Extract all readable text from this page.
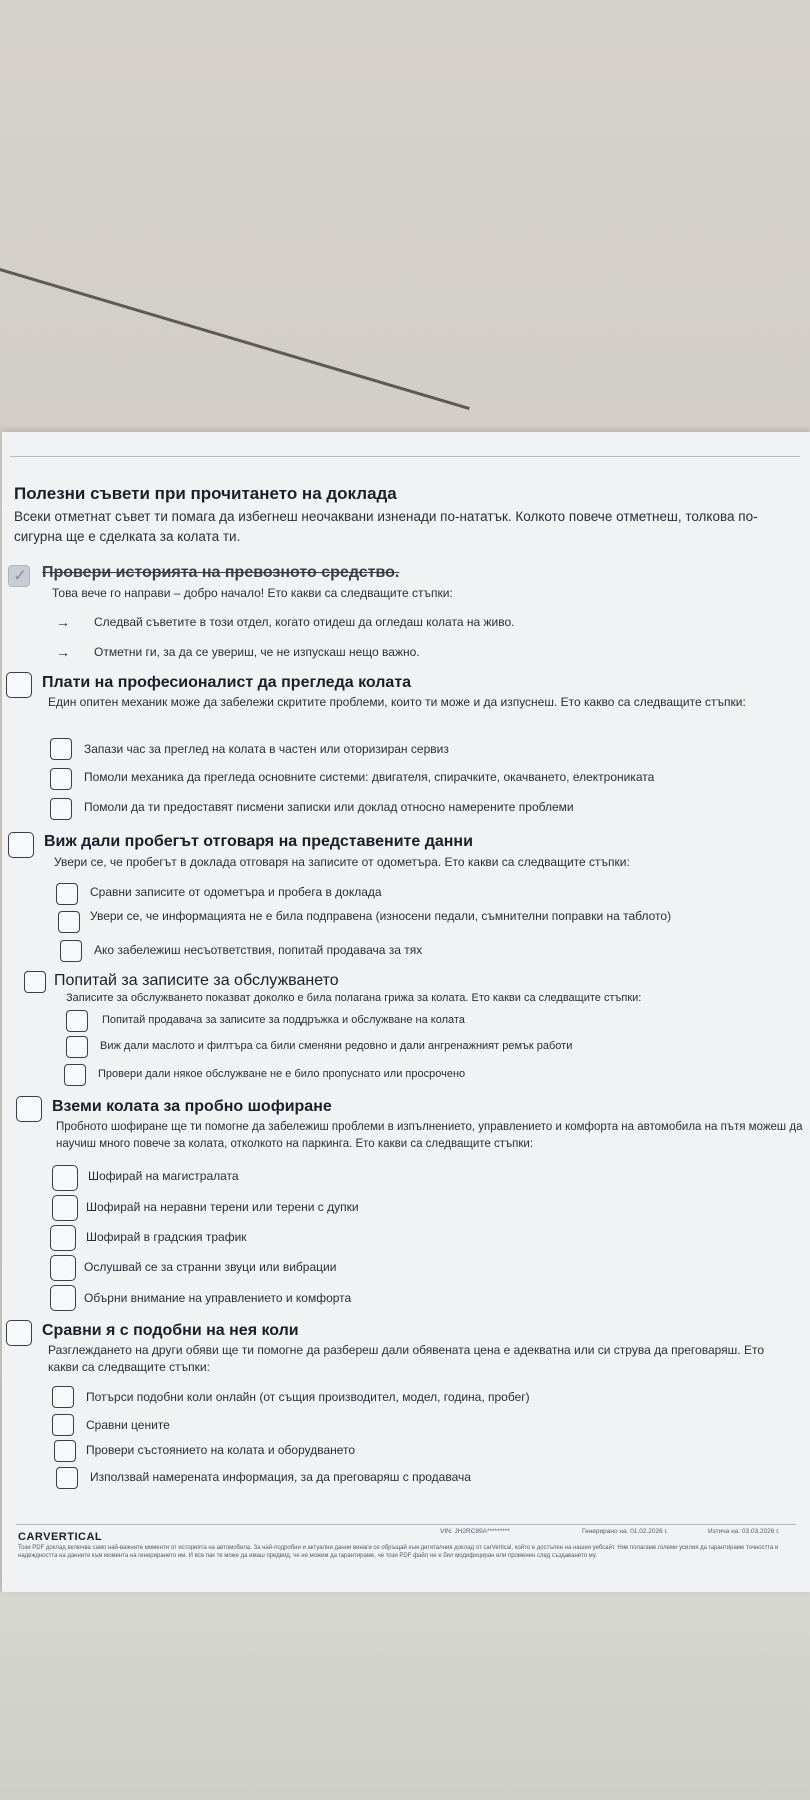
Полезни съвети при прочитането на доклада
Всеки отметнат съвет ти помага да избегнеш неочаквани изненади по-нататък. Колкото повече отметнеш, толкова по-сигурна ще е сделката за колата ти.
✓
Провери историята на превозното средство.
Това вече го направи – добро начало! Ето какви са следващите стъпки:
→ Следвай съветите в този отдел, когато отидеш да огледаш колата на живо.
→ Отметни ги, за да се увериш, че не изпускаш нещо важно.
Плати на професионалист да прегледа колата
Един опитен механик може да забележи скритите проблеми, които ти може и да изпуснеш. Ето какво са следващите стъпки:
Запази час за преглед на колата в частен или оторизиран сервиз
Помоли механика да прегледа основните системи: двигателя, спирачките, окачването, електрониката
Помоли да ти предоставят писмени записки или доклад относно намерените проблеми
Виж дали пробегът отговаря на представените данни
Увери се, че пробегът в доклада отговаря на записите от одометъра. Ето какви са следващите стъпки:
Сравни записите от одометъра и пробега в доклада
Увери се, че информацията не е била подправена (износени педали, съмнителни поправки на таблото)
Ако забележиш несъответствия, попитай продавача за тях
Попитай за записите за обслужването
Записите за обслужването показват доколко е била полагана грижа за колата. Ето какви са следващите стъпки:
Попитай продавача за записите за поддръжка и обслужване на колата
Виж дали маслото и филтъра са били сменяни редовно и дали ангренажният ремък работи
Провери дали някое обслужване не е било пропуснато или просрочено
Вземи колата за пробно шофиране
Пробното шофиране ще ти помогне да забележиш проблеми в изпълнението, управлението и комфорта на автомобила на пътя можеш да научиш много повече за колата, отколкото на паркинга. Ето какви са следващите стъпки:
Шофирай на магистралата
Шофирай на неравни терени или терени с дупки
Шофирай в градския трафик
Ослушвай се за странни звуци или вибрации
Обърни внимание на управлението и комфорта
Сравни я с подобни на нея коли
Разглеждането на други обяви ще ти помогне да разбереш дали обявената цена е адекватна или си струва да преговаряш. Ето какви са следващите стъпки:
Потърси подобни коли онлайн (от същия производител, модел, година, пробег)
Сравни цените
Провери състоянието на колата и оборудването
Използвай намерената информация, за да преговаряш с продавача
CARVERTICAL	VIN: JH2RC89A*********	Генерирано на: 01.02.2026 г.	Изтича на: 03.03.2026 г.
Този PDF доклад включва само най-важните моменти от историята на автомобила. За най-подробни и актуални данни винаги се обръщай към дигиталния доклад от carVertical, който е достъпен на нашия уебсайт. Ние полагаме големи усилия да гарантираме точността и надеждността на данните към момента на генерирането им. И все пак те може да имаш предвид, че не можем да гарантираме, че този PDF файл не е бил модифициран или променен след създаването му.
